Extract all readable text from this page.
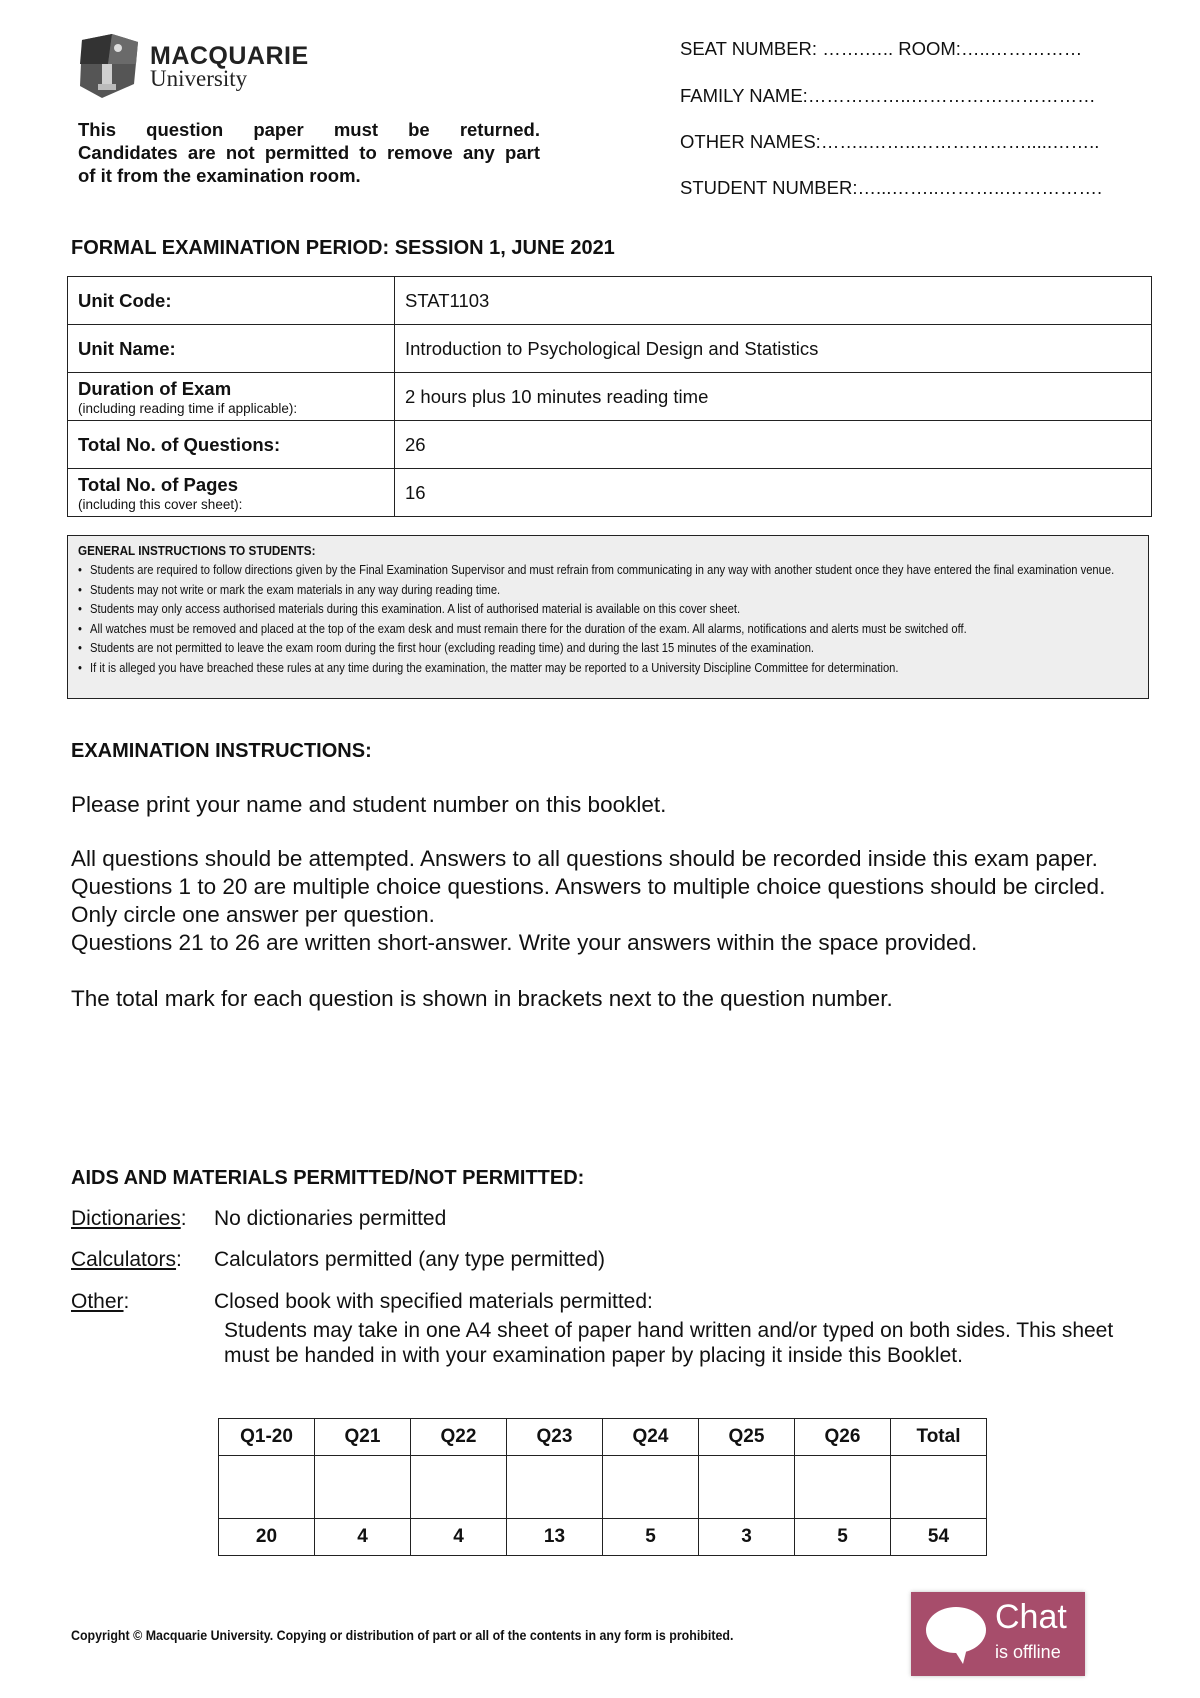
MACQUARIE
University
This question paper must be returned.
Candidates are not permitted to remove any part
of it from the examination room.
SEAT NUMBER: …….….. ROOM:…..……………
FAMILY NAME:……………..…………………………
OTHER NAMES:……..……..……………….....……..
STUDENT NUMBER:…...……..………..…………….
FORMAL EXAMINATION PERIOD: SESSION 1, JUNE 2021
Unit Code:	STAT1103
Unit Name:	Introduction to Psychological Design and Statistics
Duration of Exam
(including reading time if applicable):	2 hours plus 10 minutes reading time
Total No. of Questions:	26
Total No. of Pages
(including this cover sheet):	16
GENERAL INSTRUCTIONS TO STUDENTS:
• Students are required to follow directions given by the Final Examination Supervisor and must refrain from communicating in any way with another student once they have entered the final examination venue.
• Students may not write or mark the exam materials in any way during reading time.
• Students may only access authorised materials during this examination. A list of authorised material is available on this cover sheet.
• All watches must be removed and placed at the top of the exam desk and must remain there for the duration of the exam. All alarms, notifications and alerts must be switched off.
• Students are not permitted to leave the exam room during the first hour (excluding reading time) and during the last 15 minutes of the examination.
• If it is alleged you have breached these rules at any time during the examination, the matter may be reported to a University Discipline Committee for determination.
EXAMINATION INSTRUCTIONS:
Please print your name and student number on this booklet.
All questions should be attempted. Answers to all questions should be recorded inside this exam paper.
Questions 1 to 20 are multiple choice questions. Answers to multiple choice questions should be circled. Only circle one answer per question.
Questions 21 to 26 are written short-answer. Write your answers within the space provided.
The total mark for each question is shown in brackets next to the question number.
AIDS AND MATERIALS PERMITTED/NOT PERMITTED:
Dictionaries: No dictionaries permitted
Calculators: Calculators permitted (any type permitted)
Other:	Closed book with specified materials permitted:
Students may take in one A4 sheet of paper hand written and/or typed on both sides. This sheet must be handed in with your examination paper by placing it inside this Booklet.
Q1-20	Q21	Q22	Q23	Q24	Q25	Q26	Total

20	4	4	13	5	3	5	54
Copyright © Macquarie University. Copying or distribution of part or all of the contents in any form is prohibited.	Chat
is offline
